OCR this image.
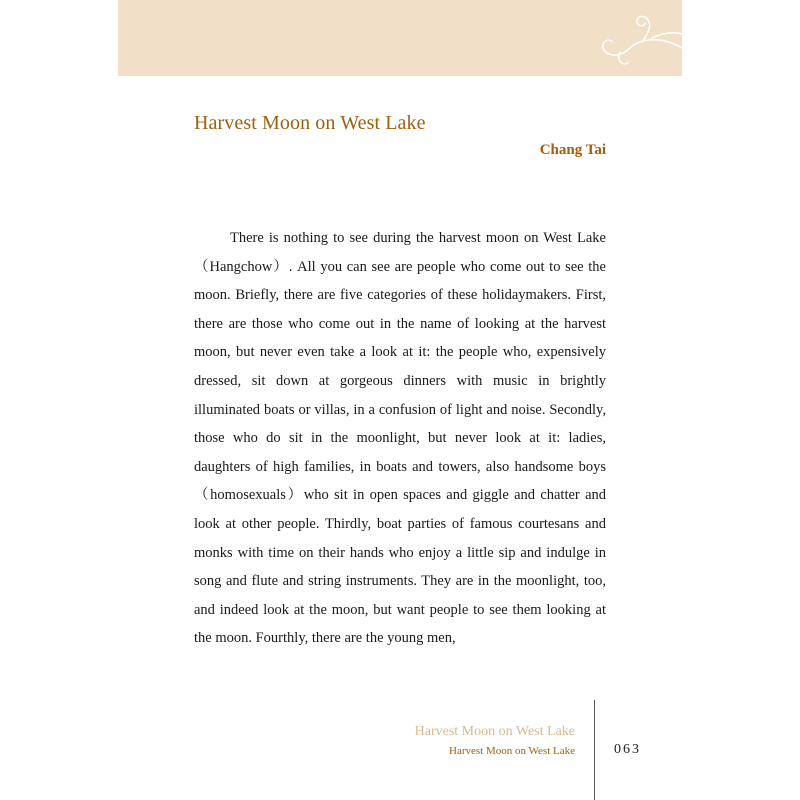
Harvest Moon on West Lake

Chang Tai

There is nothing to see during the harvest moon on West Lake（Hangchow）. All you can see are people who come out to see the moon. Briefly, there are five categories of these holidaymakers. First, there are those who come out in the name of looking at the harvest moon, but never even take a look at it: the people who, expensively dressed, sit down at gorgeous dinners with music in brightly illuminated boats or villas, in a confusion of light and noise. Secondly, those who do sit in the moonlight, but never look at it: ladies, daughters of high families, in boats and towers, also handsome boys（homosexuals）who sit in open spaces and giggle and chatter and look at other people. Thirdly, boat parties of famous courtesans and monks with time on their hands who enjoy a little sip and indulge in song and flute and string instruments. They are in the moonlight, too, and indeed look at the moon, but want people to see them looking at the moon. Fourthly, there are the young men,

Harvest Moon on West Lake

Harvest Moon on West Lake	063
